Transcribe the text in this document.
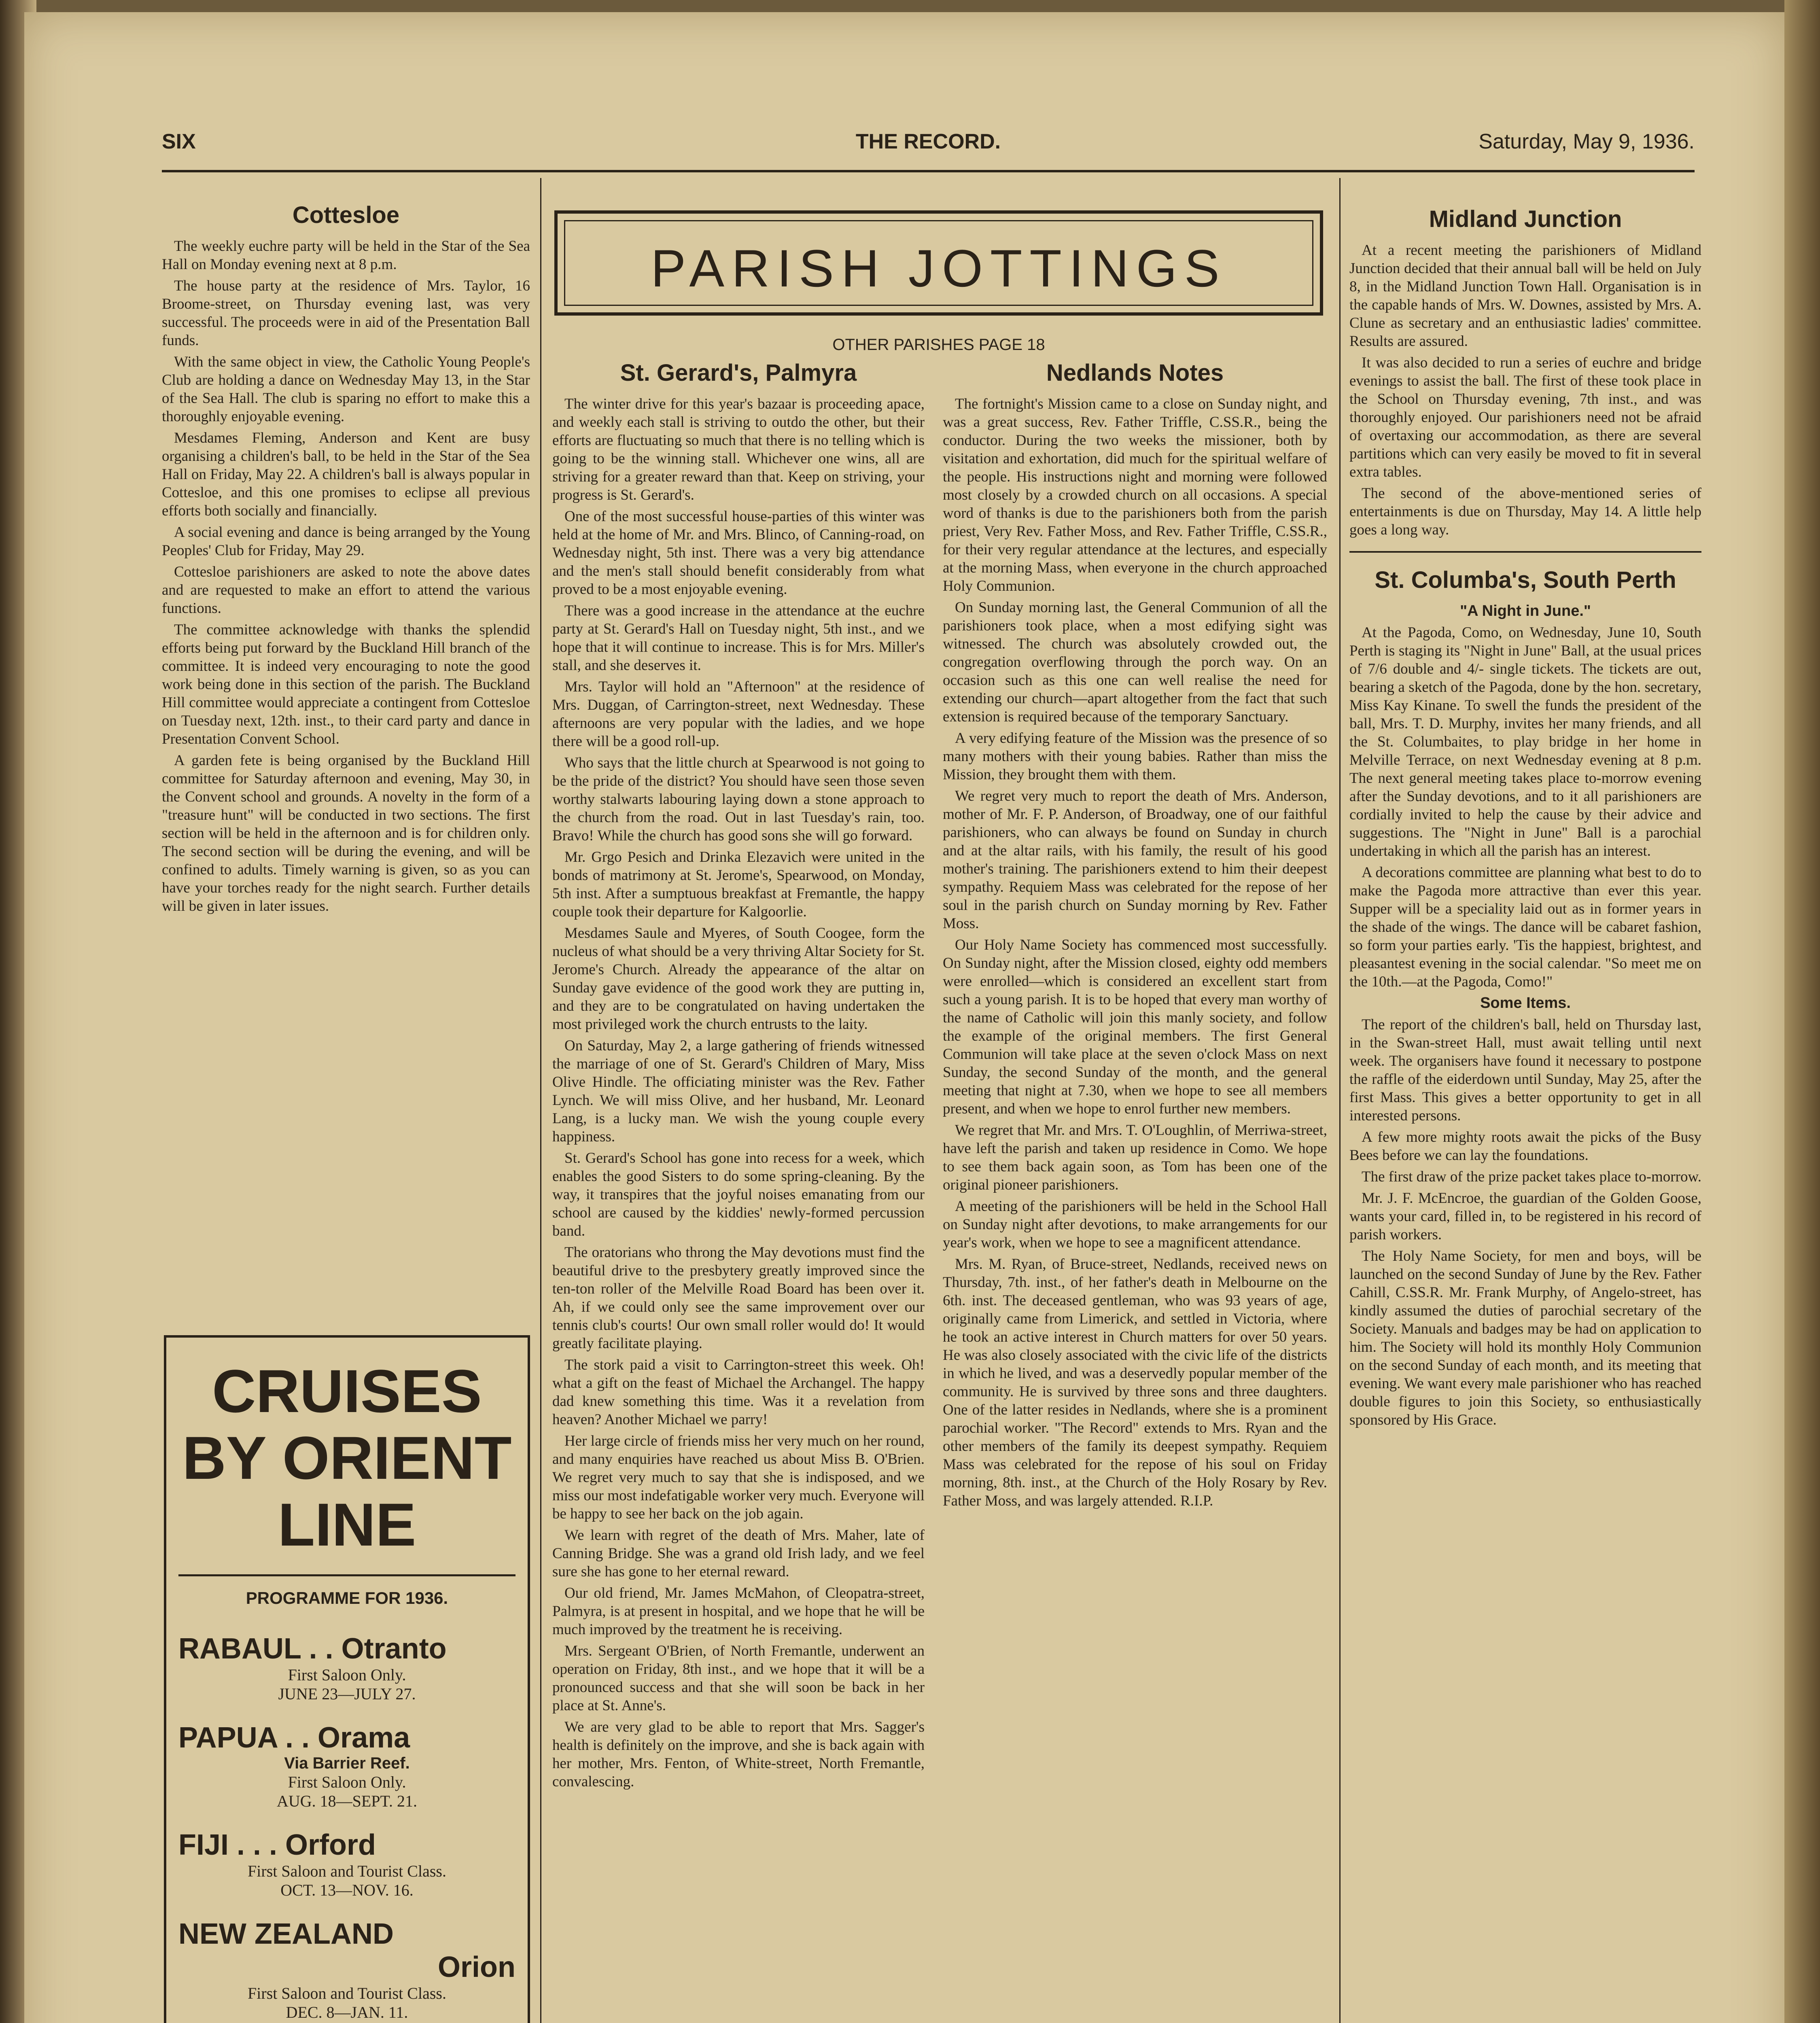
SIX	THE RECORD.	Saturday, May 9, 1936.
Cottesloe

The weekly euchre party will be held in the Star of the Sea Hall on Monday evening next at 8 p.m.

The house party at the residence of Mrs. Taylor, 16 Broome-street, on Thursday evening last, was very successful. The proceeds were in aid of the Presentation Ball funds.

With the same object in view, the Catholic Young People's Club are holding a dance on Wednesday May 13, in the Star of the Sea Hall. The club is sparing no effort to make this a thoroughly enjoyable evening.

Mesdames Fleming, Anderson and Kent are busy organising a children's ball, to be held in the Star of the Sea Hall on Friday, May 22. A children's ball is always popular in Cottesloe, and this one promises to eclipse all previous efforts both socially and financially.

A social evening and dance is being arranged by the Young Peoples' Club for Friday, May 29.

Cottesloe parishioners are asked to note the above dates and are requested to make an effort to attend the various functions.

The committee acknowledge with thanks the splendid efforts being put forward by the Buckland Hill branch of the committee. It is indeed very encouraging to note the good work being done in this section of the parish. The Buckland Hill committee would appreciate a contingent from Cottesloe on Tuesday next, 12th. inst., to their card party and dance in Presentation Convent School.

A garden fete is being organised by the Buckland Hill committee for Saturday afternoon and evening, May 30, in the Convent school and grounds. A novelty in the form of a "treasure hunt" will be conducted in two sections. The first section will be held in the afternoon and is for children only. The second section will be during the evening, and will be confined to adults. Timely warning is given, so as you can have your torches ready for the night search. Further details will be given in later issues.

CRUISES BY ORIENT LINE
PROGRAMME FOR 1936.
RABAUL . . Otranto
First Saloon Only.
JUNE 23—JULY 27.
PAPUA . . Orama
Via Barrier Reef.
First Saloon Only.
AUG. 18—SEPT. 21.
FIJI . . . Orford
First Saloon and Tourist Class.
OCT. 13—NOV. 16.
NEW ZEALAND
Orion
First Saloon and Tourist Class.
DEC. 8—JAN. 11.
PARISH JOTTINGS
OTHER PARISHES PAGE 18
St. Gerard's, Palmyra

The winter drive for this year's bazaar is proceeding apace, and weekly each stall is striving to outdo the other, but their efforts are fluctuating so much that there is no telling which is going to be the winning stall. Whichever one wins, all are striving for a greater reward than that. Keep on striving, your progress is St. Gerard's.

One of the most successful house-parties of this winter was held at the home of Mr. and Mrs. Blinco, of Canning-road, on Wednesday night, 5th inst. There was a very big attendance and the men's stall should benefit considerably from what proved to be a most enjoyable evening.

There was a good increase in the attendance at the euchre party at St. Gerard's Hall on Tuesday night, 5th inst., and we hope that it will continue to increase. This is for Mrs. Miller's stall, and she deserves it.

Mrs. Taylor will hold an "Afternoon" at the residence of Mrs. Duggan, of Carrington-street, next Wednesday. These afternoons are very popular with the ladies, and we hope there will be a good roll-up.

Who says that the little church at Spearwood is not going to be the pride of the district? You should have seen those seven worthy stalwarts labouring laying down a stone approach to the church from the road. Out in last Tuesday's rain, too. Bravo! While the church has good sons she will go forward.

Mr. Grgo Pesich and Drinka Elezavich were united in the bonds of matrimony at St. Jerome's, Spearwood, on Monday, 5th inst. After a sumptuous breakfast at Fremantle, the happy couple took their departure for Kalgoorlie.

Mesdames Saule and Myeres, of South Coogee, form the nucleus of what should be a very thriving Altar Society for St. Jerome's Church. Already the appearance of the altar on Sunday gave evidence of the good work they are putting in, and they are to be congratulated on having undertaken the most privileged work the church entrusts to the laity.

On Saturday, May 2, a large gathering of friends witnessed the marriage of one of St. Gerard's Children of Mary, Miss Olive Hindle. The officiating minister was the Rev. Father Lynch. We will miss Olive, and her husband, Mr. Leonard Lang, is a lucky man. We wish the young couple every happiness.

St. Gerard's School has gone into recess for a week, which enables the good Sisters to do some spring-cleaning. By the way, it transpires that the joyful noises emanating from our school are caused by the kiddies' newly-formed percussion band.

The oratorians who throng the May devotions must find the beautiful drive to the presbytery greatly improved since the ten-ton roller of the Melville Road Board has been over it. Ah, if we could only see the same improvement over our tennis club's courts! Our own small roller would do! It would greatly facilitate playing.

The stork paid a visit to Carrington-street this week. Oh! what a gift on the feast of Michael the Archangel. The happy dad knew something this time. Was it a revelation from heaven? Another Michael we parry!

Her large circle of friends miss her very much on her round, and many enquiries have reached us about Miss B. O'Brien. We regret very much to say that she is indisposed, and we miss our most indefatigable worker very much. Everyone will be happy to see her back on the job again.

We learn with regret of the death of Mrs. Maher, late of Canning Bridge. She was a grand old Irish lady, and we feel sure she has gone to her eternal reward.

Our old friend, Mr. James McMahon, of Cleopatra-street, Palmyra, is at present in hospital, and we hope that he will be much improved by the treatment he is receiving.

Mrs. Sergeant O'Brien, of North Fremantle, underwent an operation on Friday, 8th inst., and we hope that it will be a pronounced success and that she will soon be back in her place at St. Anne's.

We are very glad to be able to report that Mrs. Sagger's health is definitely on the improve, and she is back again with her mother, Mrs. Fenton, of White-street, North Fremantle, convalescing.

Nedlands Notes

The fortnight's Mission came to a close on Sunday night, and was a great success, Rev. Father Triffle, C.SS.R., being the conductor. During the two weeks the missioner, both by visitation and exhortation, did much for the spiritual welfare of the people. His instructions night and morning were followed most closely by a crowded church on all occasions. A special word of thanks is due to the parishioners both from the parish priest, Very Rev. Father Moss, and Rev. Father Triffle, C.SS.R., for their very regular attendance at the lectures, and especially at the morning Mass, when everyone in the church approached Holy Communion.

On Sunday morning last, the General Communion of all the parishioners took place, when a most edifying sight was witnessed. The church was absolutely crowded out, the congregation overflowing through the porch way. On an occasion such as this one can well realise the need for extending our church—apart altogether from the fact that such extension is required because of the temporary Sanctuary.

A very edifying feature of the Mission was the presence of so many mothers with their young babies. Rather than miss the Mission, they brought them with them.

We regret very much to report the death of Mrs. Anderson, mother of Mr. F. P. Anderson, of Broadway, one of our faithful parishioners, who can always be found on Sunday in church and at the altar rails, with his family, the result of his good mother's training. The parishioners extend to him their deepest sympathy. Requiem Mass was celebrated for the repose of her soul in the parish church on Sunday morning by Rev. Father Moss.

Our Holy Name Society has commenced most successfully. On Sunday night, after the Mission closed, eighty odd members were enrolled—which is considered an excellent start from such a young parish. It is to be hoped that every man worthy of the name of Catholic will join this manly society, and follow the example of the original members. The first General Communion will take place at the seven o'clock Mass on next Sunday, the second Sunday of the month, and the general meeting that night at 7.30, when we hope to see all members present, and when we hope to enrol further new members.

We regret that Mr. and Mrs. T. O'Loughlin, of Merriwa-street, have left the parish and taken up residence in Como. We hope to see them back again soon, as Tom has been one of the original pioneer parishioners.

A meeting of the parishioners will be held in the School Hall on Sunday night after devotions, to make arrangements for our year's work, when we hope to see a magnificent attendance.

Mrs. M. Ryan, of Bruce-street, Nedlands, received news on Thursday, 7th. inst., of her father's death in Melbourne on the 6th. inst. The deceased gentleman, who was 93 years of age, originally came from Limerick, and settled in Victoria, where he took an active interest in Church matters for over 50 years. He was also closely associated with the civic life of the districts in which he lived, and was a deservedly popular member of the community. He is survived by three sons and three daughters. One of the latter resides in Nedlands, where she is a prominent parochial worker. "The Record" extends to Mrs. Ryan and the other members of the family its deepest sympathy. Requiem Mass was celebrated for the repose of his soul on Friday morning, 8th. inst., at the Church of the Holy Rosary by Rev. Father Moss, and was largely attended. R.I.P.

Midland Junction

At a recent meeting the parishioners of Midland Junction decided that their annual ball will be held on July 8, in the Midland Junction Town Hall. Organisation is in the capable hands of Mrs. W. Downes, assisted by Mrs. A. Clune as secretary and an enthusiastic ladies' committee. Results are assured.

It was also decided to run a series of euchre and bridge evenings to assist the ball. The first of these took place in the School on Thursday evening, 7th inst., and was thoroughly enjoyed. Our parishioners need not be afraid of overtaxing our accommodation, as there are several partitions which can very easily be moved to fit in several extra tables.

The second of the above-mentioned series of entertainments is due on Thursday, May 14. A little help goes a long way.

St. Columba's, South Perth
"A Night in June."

At the Pagoda, Como, on Wednesday, June 10, South Perth is staging its "Night in June" Ball, at the usual prices of 7/6 double and 4/- single tickets. The tickets are out, bearing a sketch of the Pagoda, done by the hon. secretary, Miss Kay Kinane. To swell the funds the president of the ball, Mrs. T. D. Murphy, invites her many friends, and all the St. Columbaites, to play bridge in her home in Melville Terrace, on next Wednesday evening at 8 p.m. The next general meeting takes place to-morrow evening after the Sunday devotions, and to it all parishioners are cordially invited to help the cause by their advice and suggestions. The "Night in June" Ball is a parochial undertaking in which all the parish has an interest.

A decorations committee are planning what best to do to make the Pagoda more attractive than ever this year. Supper will be a speciality laid out as in former years in the shade of the wings. The dance will be cabaret fashion, so form your parties early. 'Tis the happiest, brightest, and pleasantest evening in the social calendar. "So meet me on the 10th.—at the Pagoda, Como!"

Some Items.

The report of the children's ball, held on Thursday last, in the Swan-street Hall, must await telling until next week. The organisers have found it necessary to postpone the raffle of the eiderdown until Sunday, May 25, after the first Mass. This gives a better opportunity to get in all interested persons.

A few more mighty roots await the picks of the Busy Bees before we can lay the foundations.

The first draw of the prize packet takes place to-morrow.

Mr. J. F. McEncroe, the guardian of the Golden Goose, wants your card, filled in, to be registered in his record of parish workers.

The Holy Name Society, for men and boys, will be launched on the second Sunday of June by the Rev. Father Cahill, C.SS.R. Mr. Frank Murphy, of Angelo-street, has kindly assumed the duties of parochial secretary of the Society. Manuals and badges may be had on application to him. The Society will hold its monthly Holy Communion on the second Sunday of each month, and its meeting that evening. We want every male parishioner who has reached double figures to join this Society, so enthusiastically sponsored by His Grace.
